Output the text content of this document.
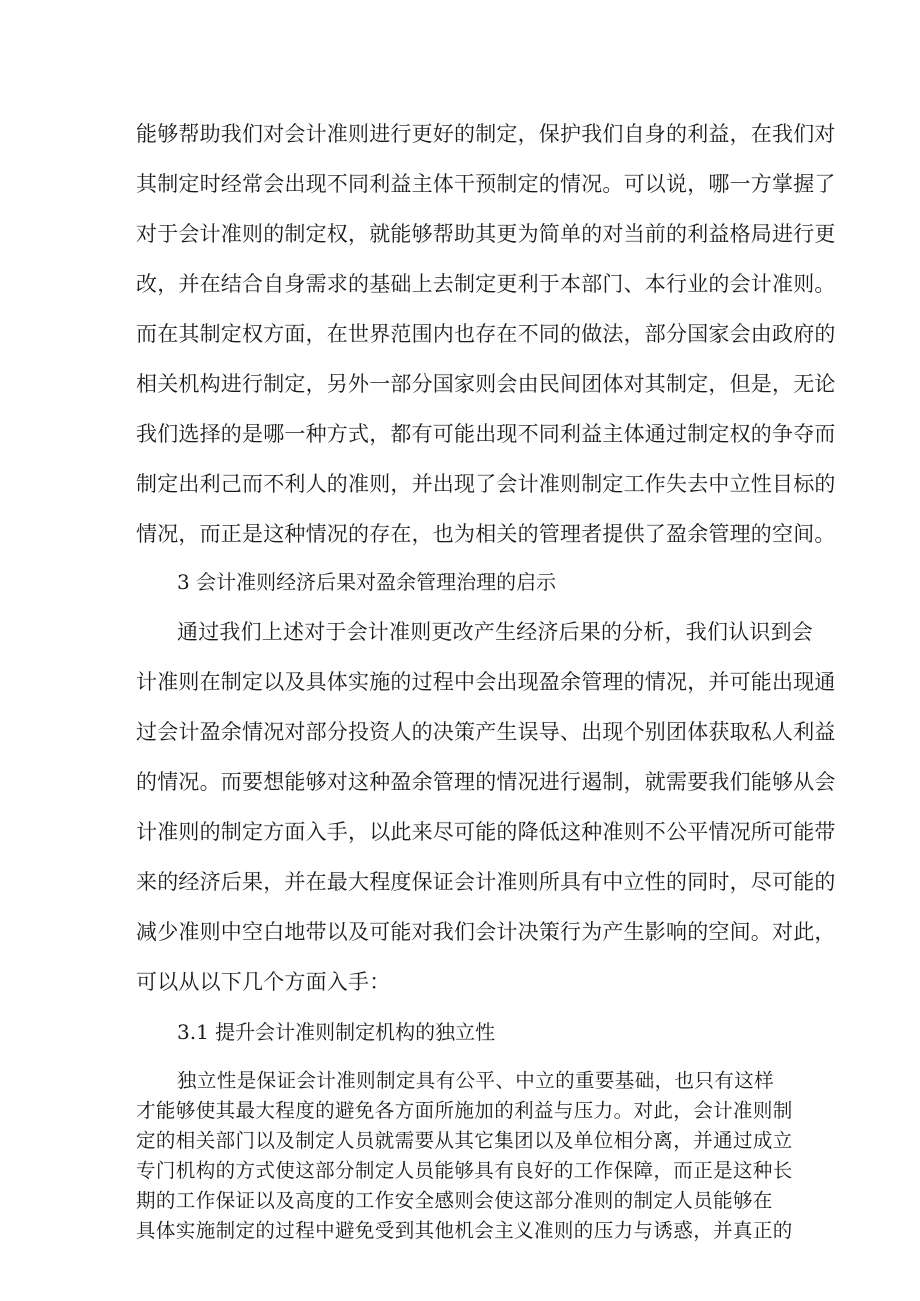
能够帮助我们对会计准则进行更好的制定，保护我们自身的利益，在我们对
其制定时经常会出现不同利益主体干预制定的情况。可以说，哪一方掌握了
对于会计准则的制定权，就能够帮助其更为简单的对当前的利益格局进行更
改，并在结合自身需求的基础上去制定更利于本部门、本行业的会计准则。
而在其制定权方面，在世界范围内也存在不同的做法，部分国家会由政府的
相关机构进行制定，另外一部分国家则会由民间团体对其制定，但是，无论
我们选择的是哪一种方式，都有可能出现不同利益主体通过制定权的争夺而
制定出利己而不利人的准则，并出现了会计准则制定工作失去中立性目标的
情况，而正是这种情况的存在，也为相关的管理者提供了盈余管理的空间。
3 会计准则经济后果对盈余管理治理的启示
通过我们上述对于会计准则更改产生经济后果的分析，我们认识到会
计准则在制定以及具体实施的过程中会出现盈余管理的情况，并可能出现通
过会计盈余情况对部分投资人的决策产生误导、出现个别团体获取私人利益
的情况。而要想能够对这种盈余管理的情况进行遏制，就需要我们能够从会
计准则的制定方面入手，以此来尽可能的降低这种准则不公平情况所可能带
来的经济后果，并在最大程度保证会计准则所具有中立性的同时，尽可能的
减少准则中空白地带以及可能对我们会计决策行为产生影响的空间。对此，
可以从以下几个方面入手：
3.1 提升会计准则制定机构的独立性
独立性是保证会计准则制定具有公平、中立的重要基础，也只有这样
才能够使其最大程度的避免各方面所施加的利益与压力。对此，会计准则制
定的相关部门以及制定人员就需要从其它集团以及单位相分离，并通过成立
专门机构的方式使这部分制定人员能够具有良好的工作保障，而正是这种长
期的工作保证以及高度的工作安全感则会使这部分准则的制定人员能够在
具体实施制定的过程中避免受到其他机会主义准则的压力与诱惑，并真正的
